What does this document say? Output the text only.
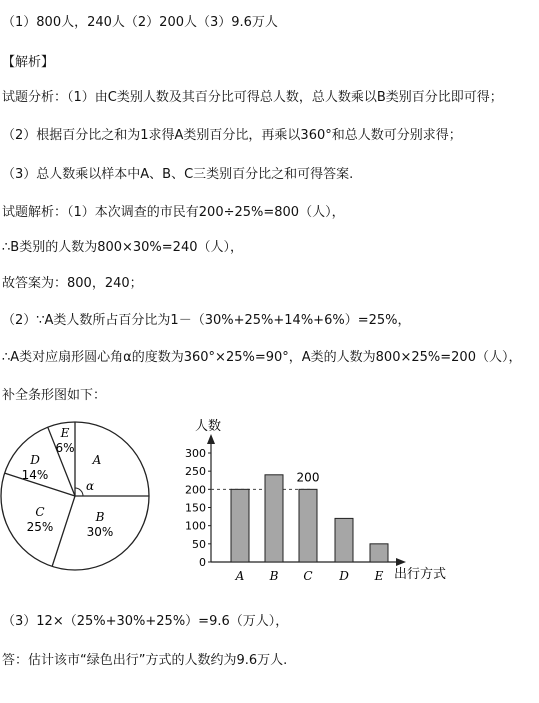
（1）800人，240人（2）200人（3）9.6万人
【解析】
试题分析：（1）由C类别人数及其百分比可得总人数，总人数乘以B类别百分比即可得；
（2）根据百分比之和为1求得A类别百分比，再乘以360°和总人数可分别求得；
（3）总人数乘以样本中A、B、C三类别百分比之和可得答案.
试题解析：（1）本次调查的市民有200÷25%=800（人），
∴B类别的人数为800×30%=240（人），
故答案为：800，240；
（2）∵A类人数所占百分比为1－（30%+25%+14%+6%）=25%，
∴A类对应扇形圆心角α的度数为360°×25%=90°，A类的人数为800×25%=200（人），
补全条形图如下：
（3）12×（25%+30%+25%）=9.6（万人），
答：估计该市“绿色出行”方式的人数约为9.6万人.
A
B
30%
C
25%
D
14%
E
6%
α
人数
出行方式
0
50
100
150
200
250
300
A B C D E
200
